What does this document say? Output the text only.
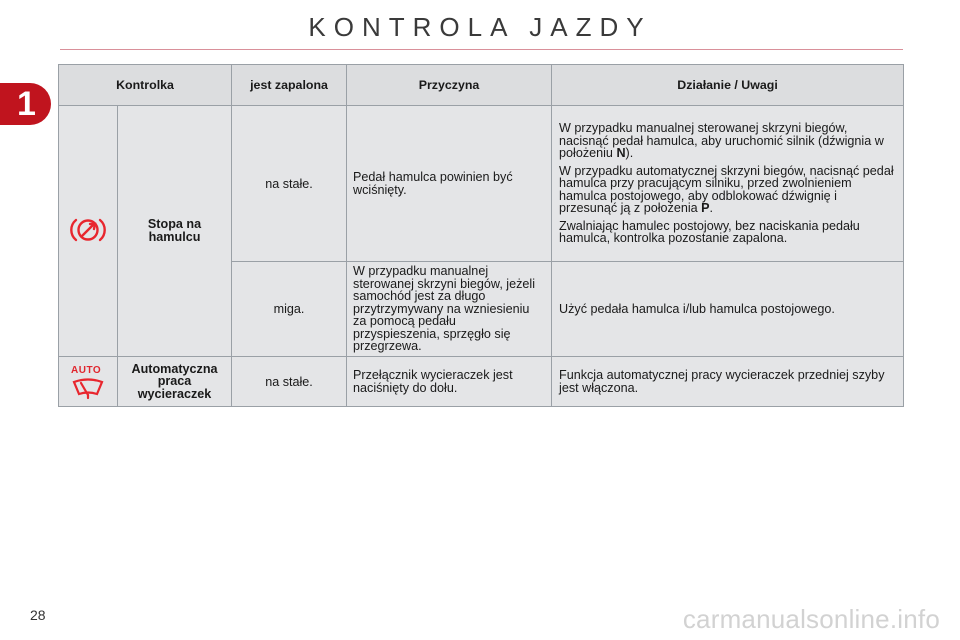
KONTROLA JAZDY
1	Kontrolka		jest zapalona	Przyczyna	Działanie / Uwagi
	Stopa na hamulcu	na stałe.	Pedał hamulca powinien być wciśnięty.	W przypadku manualnej sterowanej skrzyni biegów, nacisnąć pedał hamulca, aby uruchomić silnik (dźwignia w położeniu N).

W przypadku automatycznej skrzyni biegów, nacisnąć pedał hamulca przy pracującym silniku, przed zwolnieniem hamulca postojowego, aby odblokować dźwignię i przesunąć ją z położenia P.

Zwalniając hamulec postojowy, bez naciskania pedału hamulca, kontrolka pozostanie zapalona.

		miga.	W przypadku manualnej sterowanej skrzyni biegów, jeżeli samochód jest za długo przytrzymywany na wzniesieniu za pomocą pedału przyspieszenia, sprzęgło się przegrzewa.	Użyć pedała hamulca i/lub hamulca postojowego.

AUTO	Automatyczna praca wycieraczek	na stałe.	Przełącznik wycieraczek jest naciśnięty do dołu.	Funkcja automatycznej pracy wycieraczek przedniej szyby jest włączona.
28	carmanualsonline.info
